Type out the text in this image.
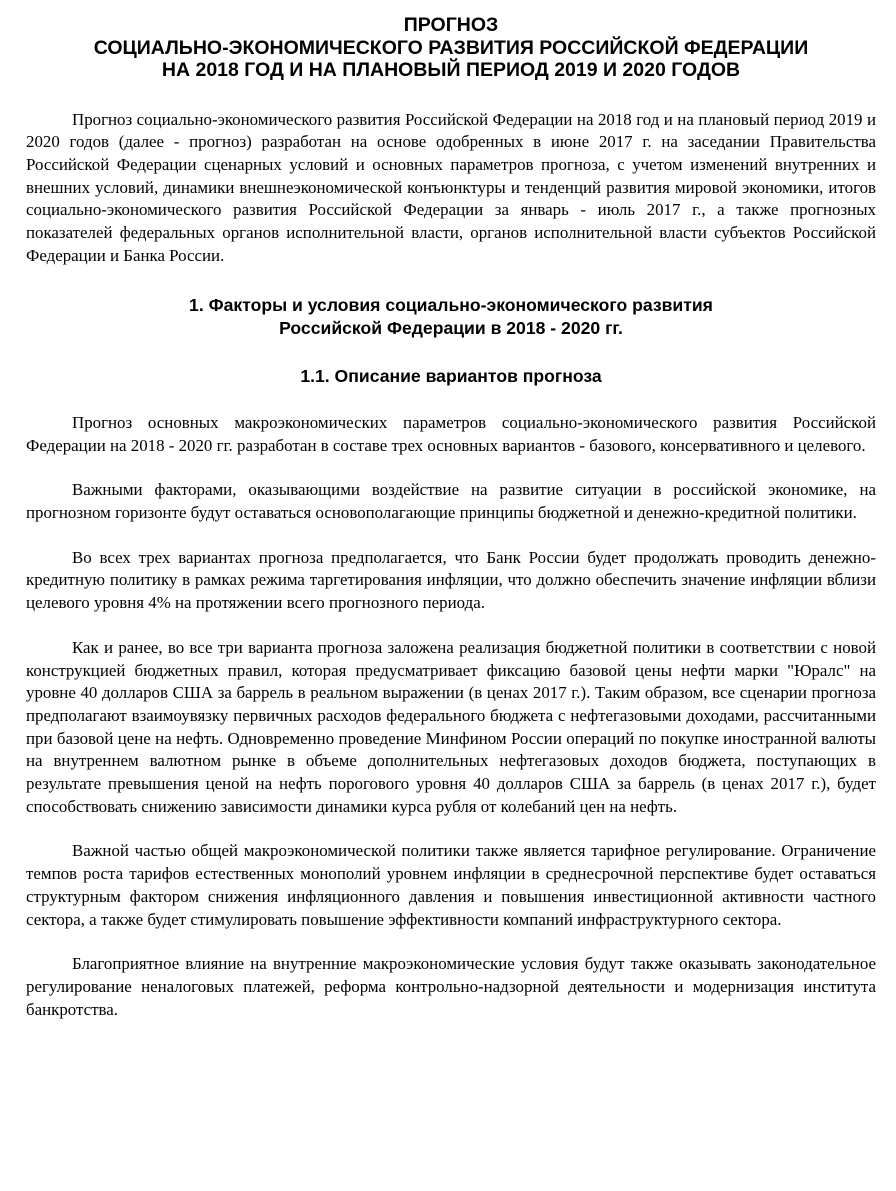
ПРОГНОЗ
СОЦИАЛЬНО-ЭКОНОМИЧЕСКОГО РАЗВИТИЯ РОССИЙСКОЙ ФЕДЕРАЦИИ
НА 2018 ГОД И НА ПЛАНОВЫЙ ПЕРИОД 2019 И 2020 ГОДОВ

Прогноз социально-экономического развития Российской Федерации на 2018 год и на плановый период 2019 и 2020 годов (далее - прогноз) разработан на основе одобренных в июне 2017 г. на заседании Правительства Российской Федерации сценарных условий и основных параметров прогноза, с учетом изменений внутренних и внешних условий, динамики внешнеэкономической конъюнктуры и тенденций развития мировой экономики, итогов социально-экономического развития Российской Федерации за январь - июль 2017 г., а также прогнозных показателей федеральных органов исполнительной власти, органов исполнительной власти субъектов Российской Федерации и Банка России.

1. Факторы и условия социально-экономического развития
Российской Федерации в 2018 - 2020 гг.
1.1. Описание вариантов прогноза

Прогноз основных макроэкономических параметров социально-экономического развития Российской Федерации на 2018 - 2020 гг. разработан в составе трех основных вариантов - базового, консервативного и целевого.

Важными факторами, оказывающими воздействие на развитие ситуации в российской экономике, на прогнозном горизонте будут оставаться основополагающие принципы бюджетной и денежно-кредитной политики.

Во всех трех вариантах прогноза предполагается, что Банк России будет продолжать проводить денежно-кредитную политику в рамках режима таргетирования инфляции, что должно обеспечить значение инфляции вблизи целевого уровня 4% на протяжении всего прогнозного периода.

Как и ранее, во все три варианта прогноза заложена реализация бюджетной политики в соответствии с новой конструкцией бюджетных правил, которая предусматривает фиксацию базовой цены нефти марки "Юралс" на уровне 40 долларов США за баррель в реальном выражении (в ценах 2017 г.). Таким образом, все сценарии прогноза предполагают взаимоувязку первичных расходов федерального бюджета с нефтегазовыми доходами, рассчитанными при базовой цене на нефть. Одновременно проведение Минфином России операций по покупке иностранной валюты на внутреннем валютном рынке в объеме дополнительных нефтегазовых доходов бюджета, поступающих в результате превышения ценой на нефть порогового уровня 40 долларов США за баррель (в ценах 2017 г.), будет способствовать снижению зависимости динамики курса рубля от колебаний цен на нефть.

Важной частью общей макроэкономической политики также является тарифное регулирование. Ограничение темпов роста тарифов естественных монополий уровнем инфляции в среднесрочной перспективе будет оставаться структурным фактором снижения инфляционного давления и повышения инвестиционной активности частного сектора, а также будет стимулировать повышение эффективности компаний инфраструктурного сектора.

Благоприятное влияние на внутренние макроэкономические условия будут также оказывать законодательное регулирование неналоговых платежей, реформа контрольно-надзорной деятельности и модернизация института банкротства.
